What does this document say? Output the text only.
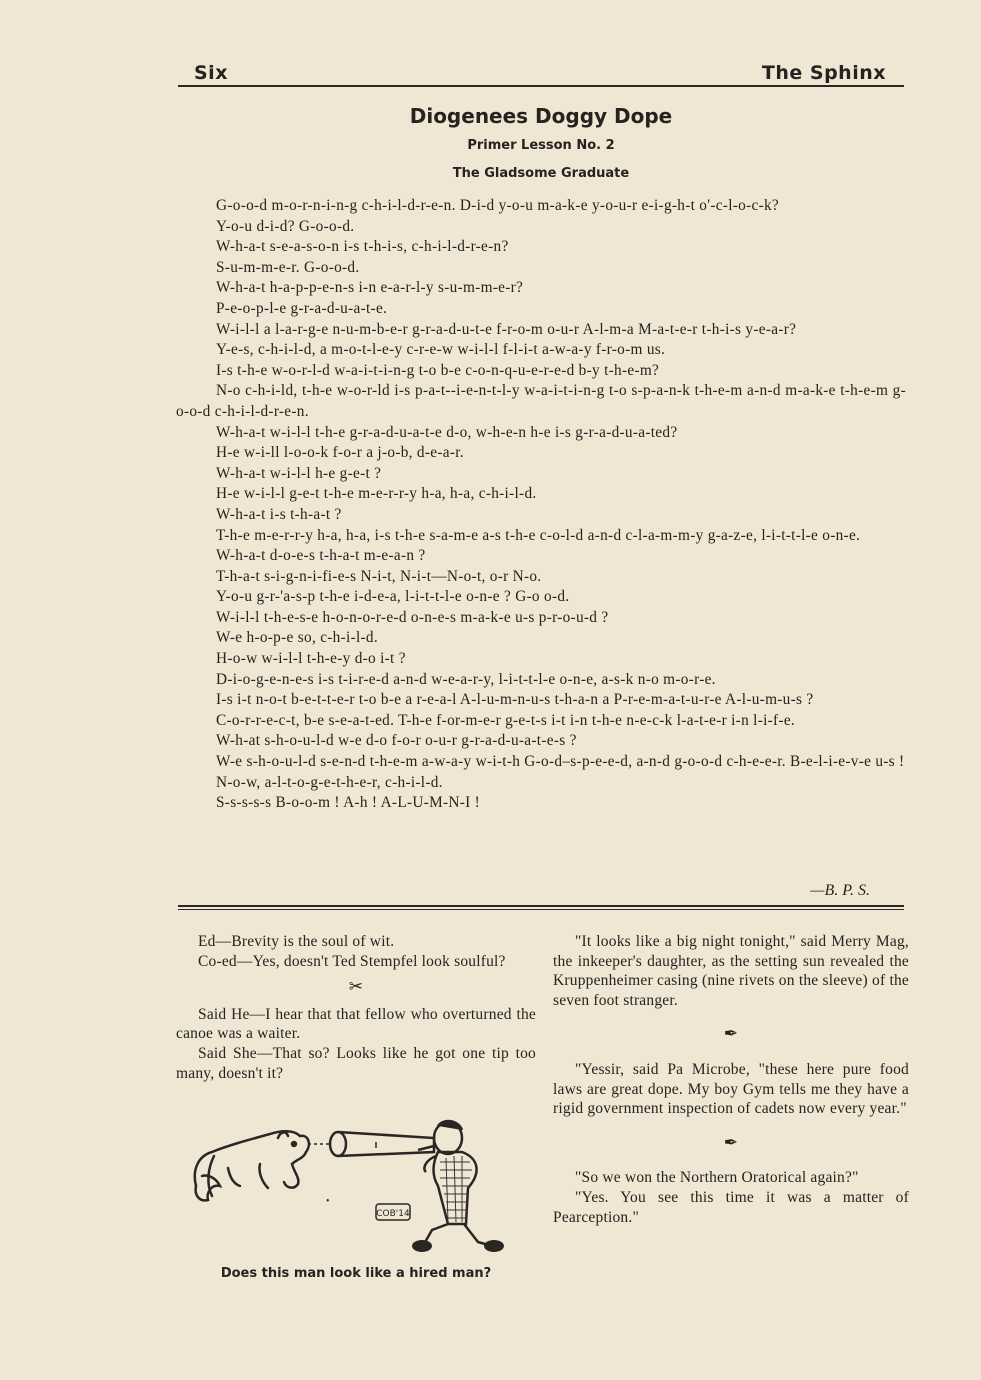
Six	The Sphinx
Diogenees Doggy Dope
Primer Lesson No. 2
The Gladsome Graduate

G-o-o-d m-o-r-n-i-n-g c-h-i-l-d-r-e-n. D-i-d y-o-u m-a-k-e y-o-u-r e-i-g-h-t o'-c-l-o-c-k?

Y-o-u d-i-d? G-o-o-d.

W-h-a-t s-e-a-s-o-n i-s t-h-i-s, c-h-i-l-d-r-e-n?

S-u-m-m-e-r. G-o-o-d.

W-h-a-t h-a-p-p-e-n-s i-n e-a-r-l-y s-u-m-m-e-r?

P-e-o-p-l-e g-r-a-d-u-a-t-e.

W-i-l-l a l-a-r-g-e n-u-m-b-e-r g-r-a-d-u-t-e f-r-o-m o-u-r A-l-m-a M-a-t-e-r t-h-i-s y-e-a-r?

Y-e-s, c-h-i-l-d, a m-o-t-l-e-y c-r-e-w w-i-l-l f-l-i-t a-w-a-y f-r-o-m us.

I-s t-h-e w-o-r-l-d w-a-i-t-i-n-g t-o b-e c-o-n-q-u-e-r-e-d b-y t-h-e-m?

N-o c-h-i-ld, t-h-e w-o-r-ld i-s p-a-t--i-e-n-t-l-y w-a-i-t-i-n-g t-o s-p-a-n-k t-h-e-m a-n-d m-a-k-e t-h-e-m g-o-o-d c-h-i-l-d-r-e-n.

W-h-a-t w-i-l-l t-h-e g-r-a-d-u-a-t-e d-o, w-h-e-n h-e i-s g-r-a-d-u-a-ted?

H-e w-i-ll l-o-o-k f-o-r a j-o-b, d-e-a-r.

W-h-a-t w-i-l-l h-e g-e-t ?

H-e w-i-l-l g-e-t t-h-e m-e-r-r-y h-a, h-a, c-h-i-l-d.

W-h-a-t i-s t-h-a-t ?

T-h-e m-e-r-r-y h-a, h-a, i-s t-h-e s-a-m-e a-s t-h-e c-o-l-d a-n-d c-l-a-m-m-y g-a-z-e, l-i-t-t-l-e o-n-e.

W-h-a-t d-o-e-s t-h-a-t m-e-a-n ?

T-h-a-t s-i-g-n-i-fi-e-s N-i-t, N-i-t—N-o-t, o-r N-o.

Y-o-u g-r-'a-s-p t-h-e i-d-e-a, l-i-t-t-l-e o-n-e ? G-o o-d.

W-i-l-l t-h-e-s-e h-o-n-o-r-e-d o-n-e-s m-a-k-e u-s p-r-o-u-d ?

W-e h-o-p-e so, c-h-i-l-d.

H-o-w w-i-l-l t-h-e-y d-o i-t ?

D-i-o-g-e-n-e-s i-s t-i-r-e-d a-n-d w-e-a-r-y, l-i-t-t-l-e o-n-e, a-s-k n-o m-o-r-e.

I-s i-t n-o-t b-e-t-t-e-r t-o b-e a r-e-a-l A-l-u-m-n-u-s t-h-a-n a P-r-e-m-a-t-u-r-e A-l-u-m-u-s ?

C-o-r-r-e-c-t, b-e s-e-a-t-ed. T-h-e f-or-m-e-r g-e-t-s i-t i-n t-h-e n-e-c-k l-a-t-e-r i-n l-i-f-e.

W-h-at s-h-o-u-l-d w-e d-o f-o-r o-u-r g-r-a-d-u-a-t-e-s ?

W-e s-h-o-u-l-d s-e-n-d t-h-e-m a-w-a-y w-i-t-h G-o-d–s-p-e-e-d, a-n-d g-o-o-d c-h-e-e-r. B-e-l-i-e-v-e u-s !

N-o-w, a-l-t-o-g-e-t-h-e-r, c-h-i-l-d.

S-s-s-s-s B-o-o-m ! A-h ! A-L-U-M-N-I !

—B. P. S.

Ed—Brevity is the soul of wit.

Co-ed—Yes, doesn't Ted Stempfel look soulful?

✂

Said He—I hear that that fellow who overturned the canoe was a waiter.

Said She—That so? Looks like he got one tip too many, doesn't it?

COB'14
•
Does this man look like a hired man?

"It looks like a big night tonight," said Merry Mag, the inkeeper's daughter, as the setting sun revealed the Kruppenheimer casing (nine rivets on the sleeve) of the seven foot stranger.

✒

"Yessir, said Pa Microbe, "these here pure food laws are great dope. My boy Gym tells me they have a rigid government inspection of cadets now every year."

✒

"So we won the Northern Oratorical again?"

"Yes. You see this time it was a matter of Pearception."
